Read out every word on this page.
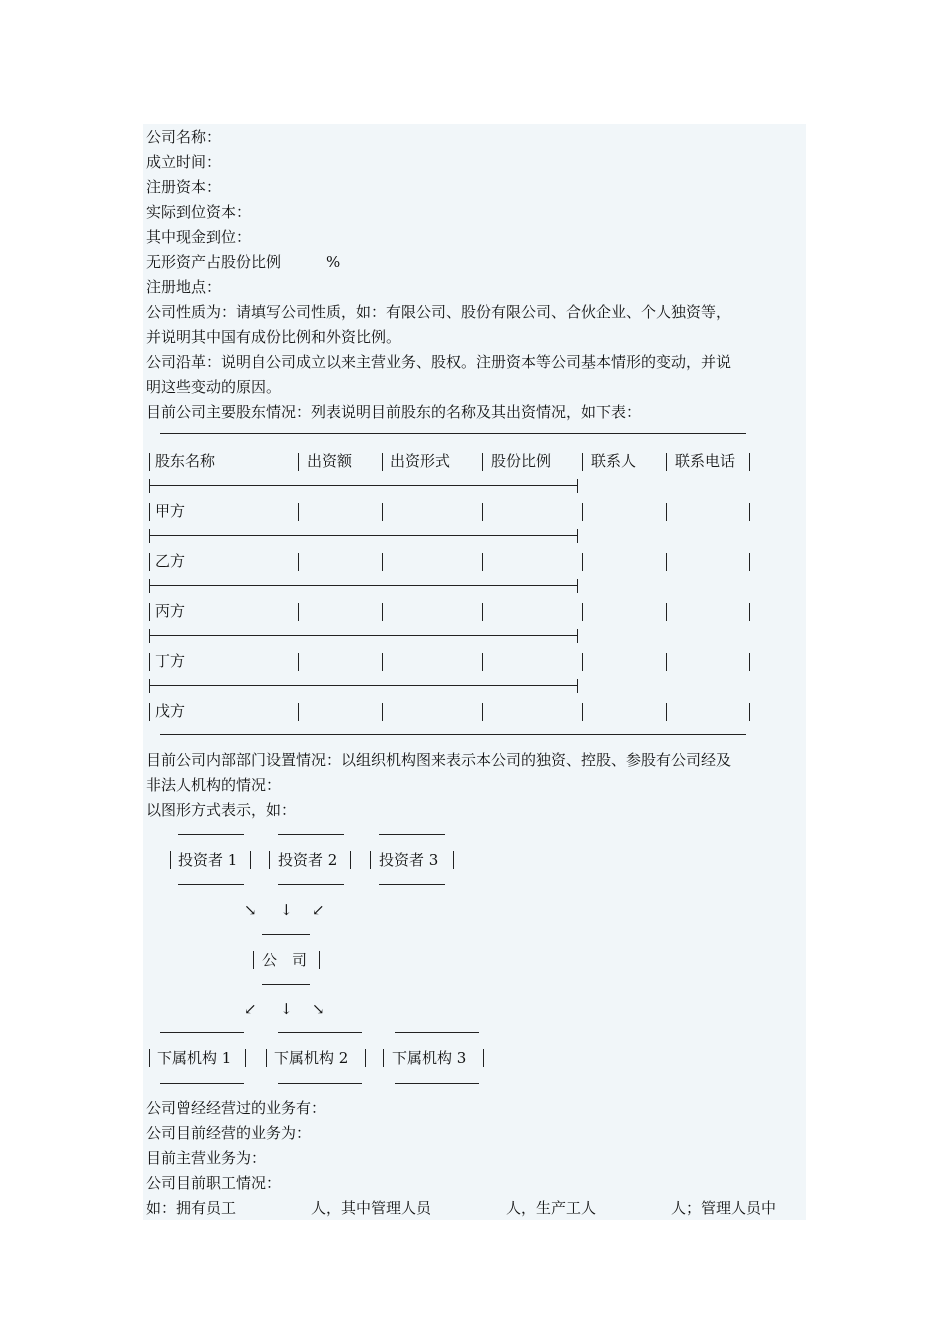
公司名称：
成立时间：
注册资本：
实际到位资本：
其中现金到位：
无形资产占股份比例　　　%
注册地点：
公司性质为：请填写公司性质，如：有限公司、股份有限公司、合伙企业、个人独资等，
并说明其中国有成份比例和外资比例。
公司沿革：说明自公司成立以来主营业务、股权。注册资本等公司基本情形的变动，并说
明这些变动的原因。
目前公司主要股东情况：列表说明目前股东的名称及其出资情况，如下表：
股东名称	出资额	出资形式	股份比例	联系人	联系电话
甲方
乙方
丙方
丁方
戊方
目前公司内部部门设置情况：以组织机构图来表示本公司的独资、控股、参股有公司经及
非法人机构的情况：
以图形方式表示，如：
投资者 1	投资者 2	投资者 3
↘ ↓ ↙
公　司
↙ ↓ ↘
下属机构 1	下属机构 2	下属机构 3
公司曾经经营过的业务有：
公司目前经营的业务为：
目前主营业务为：
公司目前职工情况：
如：拥有员工　　　　　人，其中管理人员　　　　　人，生产工人　　　　　人；管理人员中
